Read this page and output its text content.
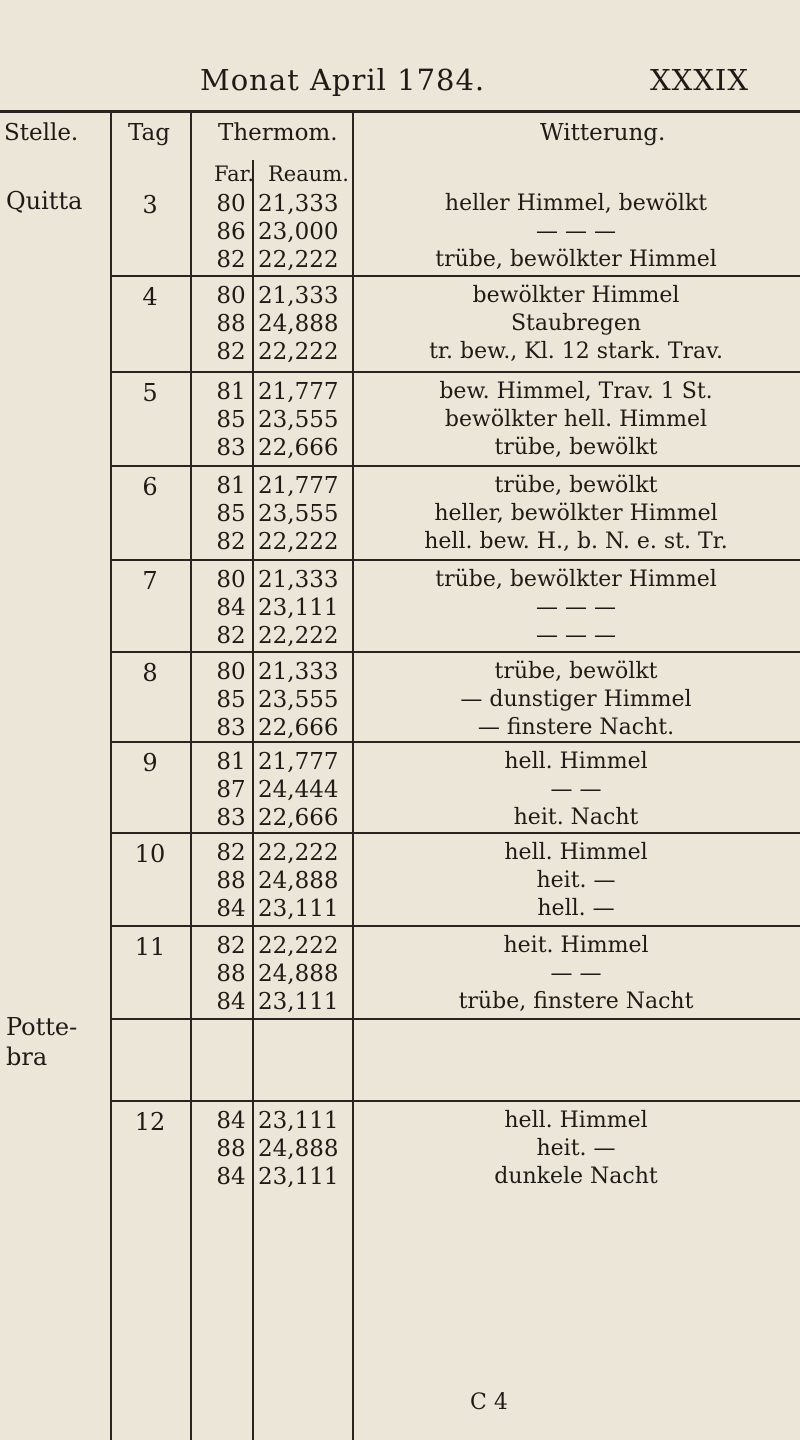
Monat April 1784.	XXXIX
Stelle. Tag Thermom.	Witterung.
Far. Reaum.
Quitta
Potte-
bra
3	80 21,333	heller Himmel, bewölkt
86 23,000	— — —
82 22,222	trübe, bewölkter Himmel
4	80 21,333	bewölkter Himmel
88 24,888	Staubregen
82 22,222	tr. bew., Kl. 12 stark. Trav.
5	81 21,777	bew. Himmel, Trav. 1 St.
85 23,555	bewölkter hell. Himmel
83 22,666	trübe, bewölkt
6	81 21,777	trübe, bewölkt
85 23,555	heller, bewölkter Himmel
82 22,222	hell. bew. H., b. N. e. st. Tr.
7	80 21,333	trübe, bewölkter Himmel
84 23,111	— — —
82 22,222	— — —
8	80 21,333	trübe, bewölkt
85 23,555	— dunstiger Himmel
83 22,666	— finstere Nacht.
9	81 21,777	hell. Himmel
87 24,444	— —
83 22,666	heit. Nacht
10 82 22,222	hell. Himmel
88 24,888	heit. —
84 23,111	hell. —
11 82 22,222	heit. Himmel
88 24,888	— —
84 23,111	trübe, finstere Nacht
12 84 23,111	hell. Himmel
88 24,888	heit. —
84 23,111	dunkele Nacht
C 4
